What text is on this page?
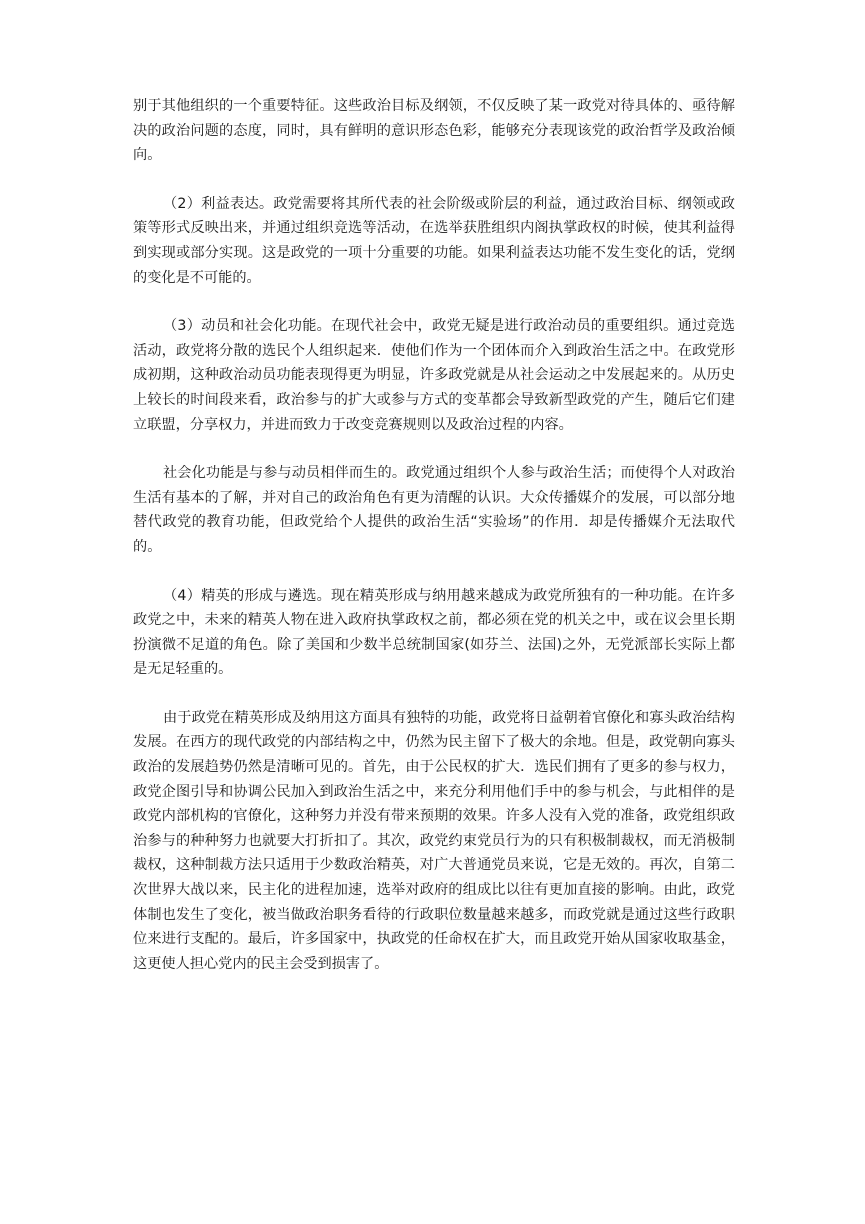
别于其他组织的一个重要特征。这些政治目标及纲领，不仅反映了某一政党对待具体的、亟待解决的政治问题的态度，同时，具有鲜明的意识形态色彩，能够充分表现该党的政治哲学及政治倾向。

（2）利益表达。政党需要将其所代表的社会阶级或阶层的利益，通过政治目标、纲领或政策等形式反映出来，并通过组织竞选等活动，在选举获胜组织内阁执掌政权的时候，使其利益得到实现或部分实现。这是政党的一项十分重要的功能。如果利益表达功能不发生变化的话，党纲的变化是不可能的。

（3）动员和社会化功能。在现代社会中，政党无疑是进行政治动员的重要组织。通过竞选活动，政党将分散的选民个人组织起来．使他们作为一个团体而介入到政治生活之中。在政党形成初期，这种政治动员功能表现得更为明显，许多政党就是从社会运动之中发展起来的。从历史上较长的时间段来看，政治参与的扩大或参与方式的变革都会导致新型政党的产生，随后它们建立联盟，分享权力，并进而致力于改变竞赛规则以及政治过程的内容。

社会化功能是与参与动员相伴而生的。政党通过组织个人参与政治生活；而使得个人对政治生活有基本的了解，并对自己的政治角色有更为清醒的认识。大众传播媒介的发展，可以部分地替代政党的教育功能，但政党给个人提供的政治生活“实验场”的作用．却是传播媒介无法取代的。

（4）精英的形成与遴选。现在精英形成与纳用越来越成为政党所独有的一种功能。在许多政党之中，未来的精英人物在进入政府执掌政权之前，都必须在党的机关之中，或在议会里长期扮演微不足道的角色。除了美国和少数半总统制国家(如芬兰、法国)之外，无党派部长实际上都是无足轻重的。

由于政党在精英形成及纳用这方面具有独特的功能，政党将日益朝着官僚化和寡头政治结构发展。在西方的现代政党的内部结构之中，仍然为民主留下了极大的余地。但是，政党朝向寡头政治的发展趋势仍然是清晰可见的。首先，由于公民权的扩大．选民们拥有了更多的参与权力，政党企图引导和协调公民加入到政治生活之中，来充分利用他们手中的参与机会，与此相伴的是政党内部机构的官僚化，这种努力并没有带来预期的效果。许多人没有入党的准备，政党组织政治参与的种种努力也就要大打折扣了。其次，政党约束党员行为的只有积极制裁权，而无消极制裁权，这种制裁方法只适用于少数政治精英，对广大普通党员来说，它是无效的。再次，自第二次世界大战以来，民主化的进程加速，选举对政府的组成比以往有更加直接的影响。由此，政党体制也发生了变化，被当做政治职务看待的行政职位数量越来越多，而政党就是通过这些行政职位来进行支配的。最后，许多国家中，执政党的任命权在扩大，而且政党开始从国家收取基金，这更使人担心党内的民主会受到损害了。
